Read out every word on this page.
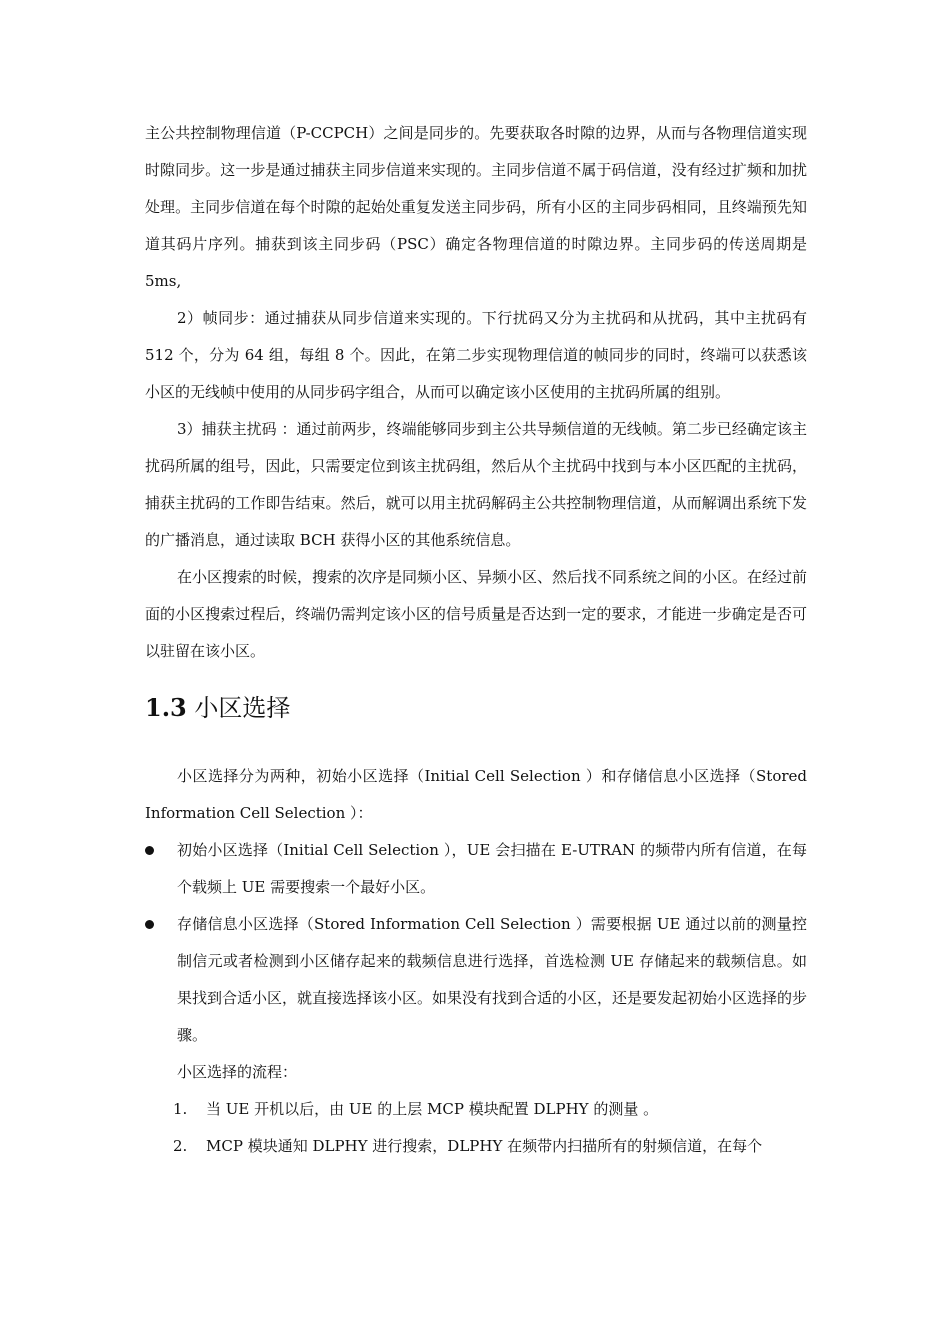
主公共控制物理信道（P-CCPCH）之间是同步的。先要获取各时隙的边界，从而与各物理信道实现时隙同步。这一步是通过捕获主同步信道来实现的。主同步信道不属于码信道，没有经过扩频和加扰处理。主同步信道在每个时隙的起始处重复发送主同步码，所有小区的主同步码相同，且终端预先知道其码片序列。捕获到该主同步码（PSC）确定各物理信道的时隙边界。主同步码的传送周期是 5ms,

2）帧同步：通过捕获从同步信道来实现的。下行扰码又分为主扰码和从扰码，其中主扰码有 512 个，分为 64 组，每组 8 个。因此，在第二步实现物理信道的帧同步的同时，终端可以获悉该小区的无线帧中使用的从同步码字组合，从而可以确定该小区使用的主扰码所属的组别。

3）捕获主扰码 ：通过前两步，终端能够同步到主公共导频信道的无线帧。第二步已经确定该主扰码所属的组号，因此，只需要定位到该主扰码组，然后从个主扰码中找到与本小区匹配的主扰码，捕获主扰码的工作即告结束。然后，就可以用主扰码解码主公共控制物理信道，从而解调出系统下发的广播消息，通过读取 BCH 获得小区的其他系统信息。

在小区搜索的时候，搜索的次序是同频小区、异频小区、然后找不同系统之间的小区。在经过前面的小区搜索过程后，终端仍需判定该小区的信号质量是否达到一定的要求，才能进一步确定是否可以驻留在该小区。

1.3 小区选择

小区选择分为两种，初始小区选择（Initial Cell Selection ）和存储信息小区选择（Stored Information Cell Selection ）：

初始小区选择（Initial Cell Selection ），UE 会扫描在 E-UTRAN 的频带内所有信道，在每个载频上 UE 需要搜索一个最好小区。
存储信息小区选择（Stored Information Cell Selection ）需要根据 UE 通过以前的测量控制信元或者检测到小区储存起来的载频信息进行选择，首选检测 UE 存储起来的载频信息。如果找到合适小区，就直接选择该小区。如果没有找到合适的小区，还是要发起初始小区选择的步骤。

小区选择的流程：

1. 当 UE 开机以后，由 UE 的上层 MCP 模块配置 DLPHY 的测量 。
2. MCP 模块通知 DLPHY 进行搜索，DLPHY 在频带内扫描所有的射频信道，在每个
